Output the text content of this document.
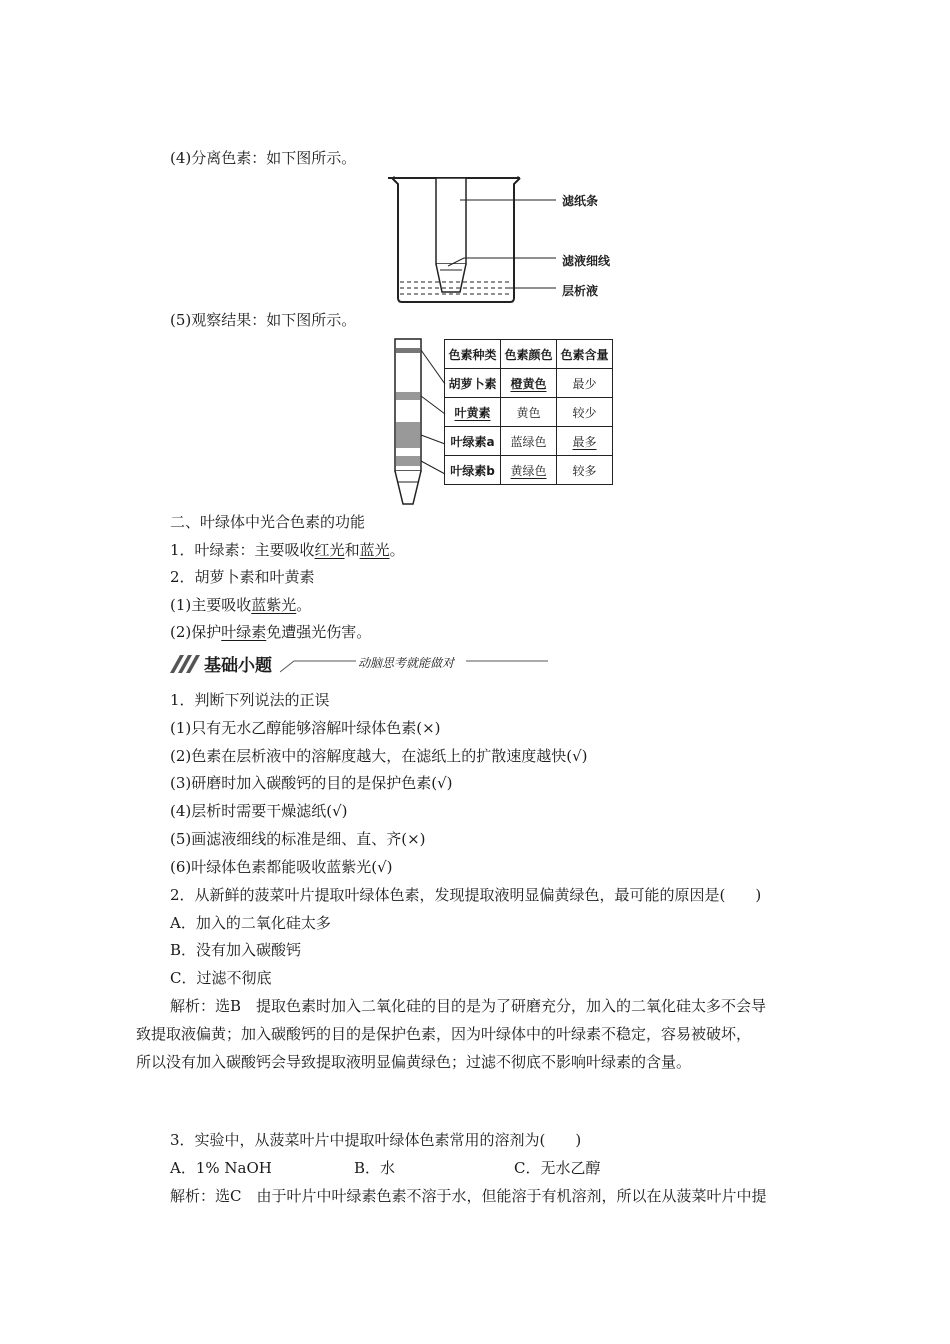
(4)分离色素：如下图所示。
滤纸条
滤液细线
层析液
(5)观察结果：如下图所示。
色素种类	色素颜色	色素含量
胡萝卜素	橙黄色	最少
叶黄素	黄色	较少
叶绿素a	蓝绿色	最多
叶绿素b	黄绿色	较多
二、叶绿体中光合色素的功能
1．叶绿素：主要吸收红光和蓝光。
2．胡萝卜素和叶黄素
(1)主要吸收蓝紫光。
(2)保护叶绿素免遭强光伤害。
基础小题	动脑思考就能做对
1．判断下列说法的正误
(1)只有无水乙醇能够溶解叶绿体色素(×)
(2)色素在层析液中的溶解度越大，在滤纸上的扩散速度越快(√)
(3)研磨时加入碳酸钙的目的是保护色素(√)
(4)层析时需要干燥滤纸(√)
(5)画滤液细线的标准是细、直、齐(×)
(6)叶绿体色素都能吸收蓝紫光(√)
2．从新鲜的菠菜叶片提取叶绿体色素，发现提取液明显偏黄绿色，最可能的原因是(　　)
A．加入的二氧化硅太多
B．没有加入碳酸钙
C．过滤不彻底
解析：选B　提取色素时加入二氧化硅的目的是为了研磨充分，加入的二氧化硅太多不会导
致提取液偏黄；加入碳酸钙的目的是保护色素，因为叶绿体中的叶绿素不稳定，容易被破坏，
所以没有加入碳酸钙会导致提取液明显偏黄绿色；过滤不彻底不影响叶绿素的含量。
3．实验中，从菠菜叶片中提取叶绿体色素常用的溶剂为(　　)
A．1% NaOH	B．水	C．无水乙醇
解析：选C　由于叶片中叶绿素色素不溶于水，但能溶于有机溶剂，所以在从菠菜叶片中提
